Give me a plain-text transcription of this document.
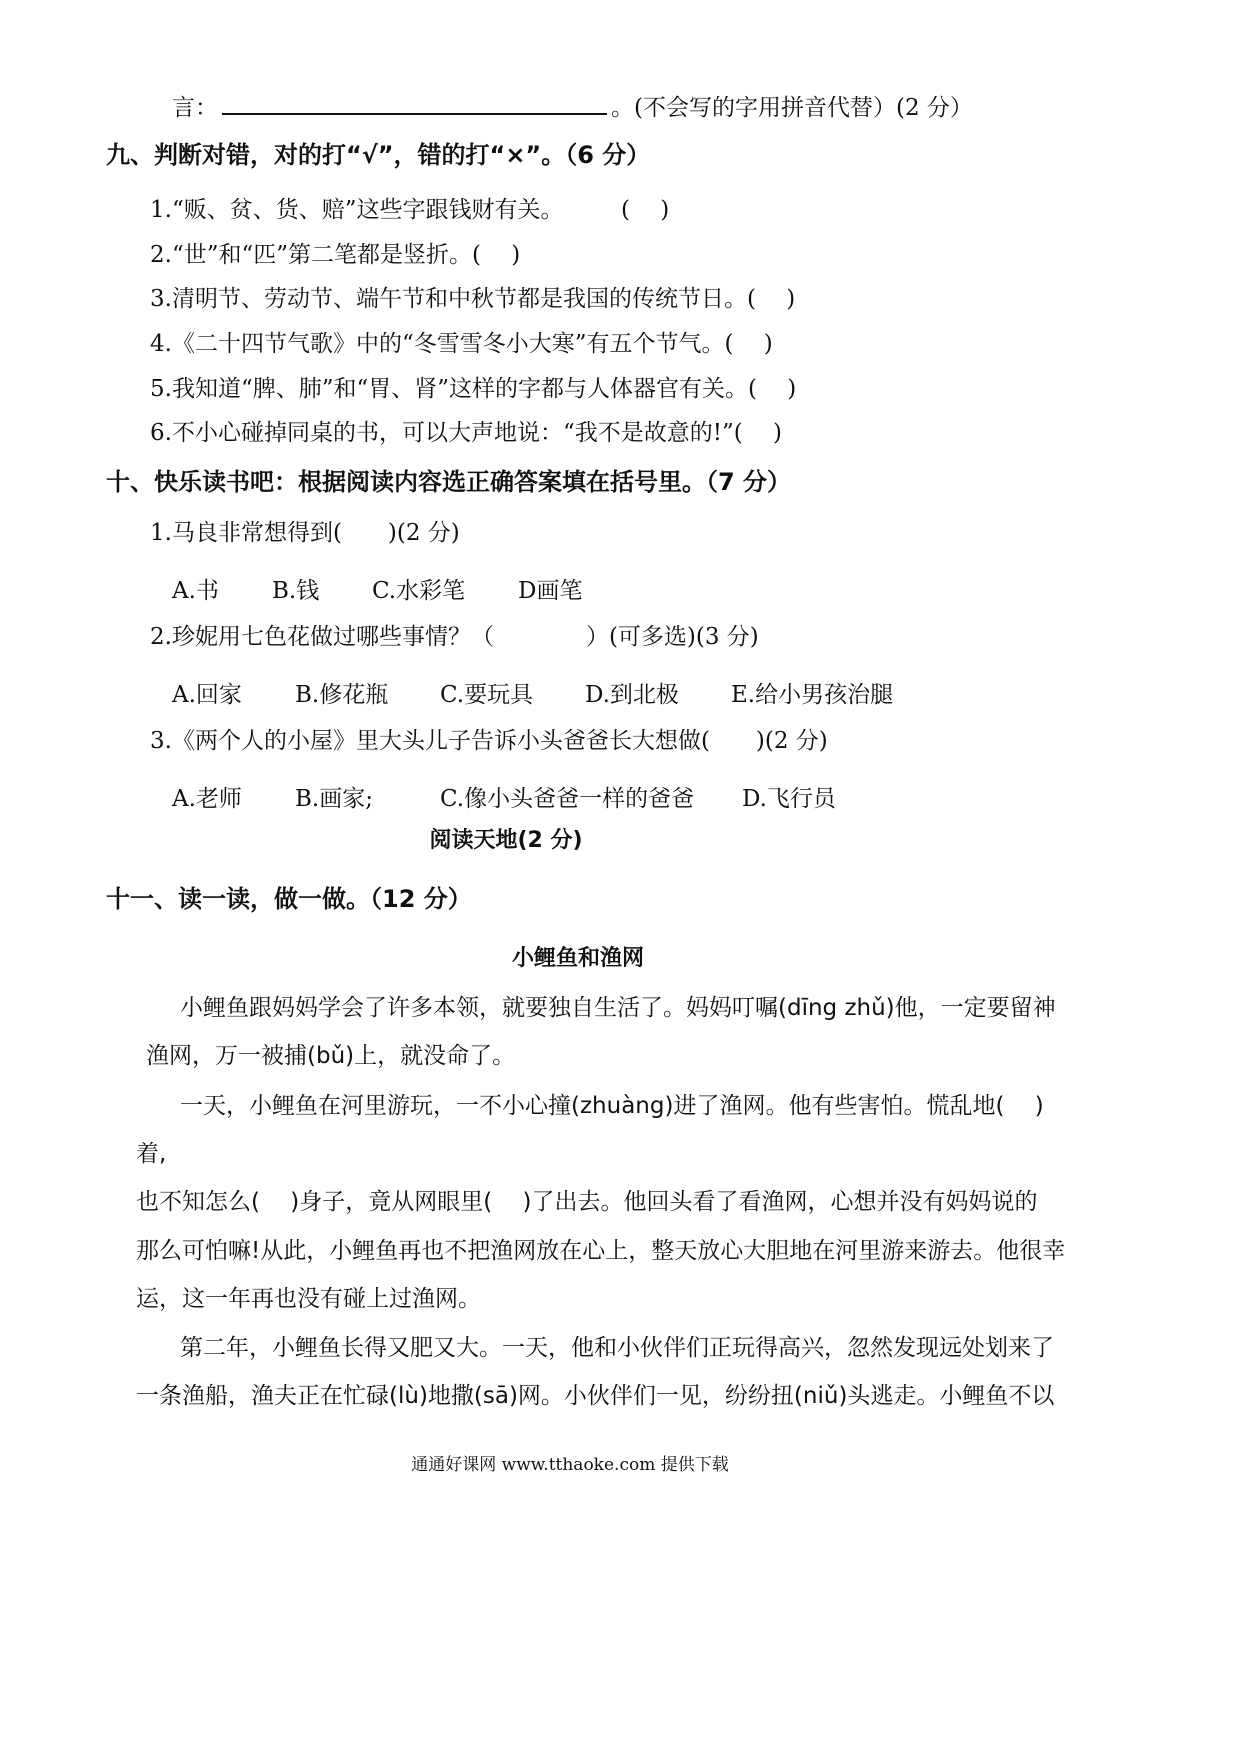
言：	。(不会写的字用拼音代替）(2 分）
九、判断对错，对的打“√”，错的打“×”。（6 分）
1.“贩、贫、货、赔”这些字跟钱财有关。　　　(　 )
2.“世”和“匹”第二笔都是竖折。(　 )
3.清明节、劳动节、端午节和中秋节都是我国的传统节日。(　 )
4.《二十四节气歌》中的“冬雪雪冬小大寒”有五个节气。(　 )
5.我知道“脾、肺”和“胃、肾”这样的字都与人体器官有关。(　 )
6.不小心碰掉同桌的书，可以大声地说：“我不是故意的!”(　 )
十、快乐读书吧：根据阅读内容选正确答案填在括号里。（7 分）
1.马良非常想得到(　　)(2 分)
A.书 B.钱 C.水彩笔 D画笔
2.珍妮用七色花做过哪些事情？（　　　　）(可多选)(3 分)
A.回家 B.修花瓶 C.要玩具 D.到北极 E.给小男孩治腿
3.《两个人的小屋》里大头儿子告诉小头爸爸长大想做(　　)(2 分)
A.老师 B.画家;	C.像小头爸爸一样的爸爸 D.飞行员
阅读天地(2 分)
十一、读一读，做一做。（12 分）
小鲤鱼和渔网
小鲤鱼跟妈妈学会了许多本领，就要独自生活了。妈妈叮嘱(dīng zhǔ)他，一定要留神
渔网，万一被捕(bǔ)上，就没命了。
一天，小鲤鱼在河里游玩，一不小心撞(zhuàng)进了渔网。他有些害怕。慌乱地(　 )
着,
也不知怎么(　 )身子，竟从网眼里(　 )了出去。他回头看了看渔网，心想并没有妈妈说的
那么可怕嘛!从此，小鲤鱼再也不把渔网放在心上，整天放心大胆地在河里游来游去。他很幸
运，这一年再也没有碰上过渔网。
第二年，小鲤鱼长得又肥又大。一天，他和小伙伴们正玩得高兴，忽然发现远处划来了
一条渔船，渔夫正在忙碌(lù)地撒(sā)网。小伙伴们一见，纷纷扭(niǔ)头逃走。小鲤鱼不以
通通好课网 www.tthaoke.com 提供下载
